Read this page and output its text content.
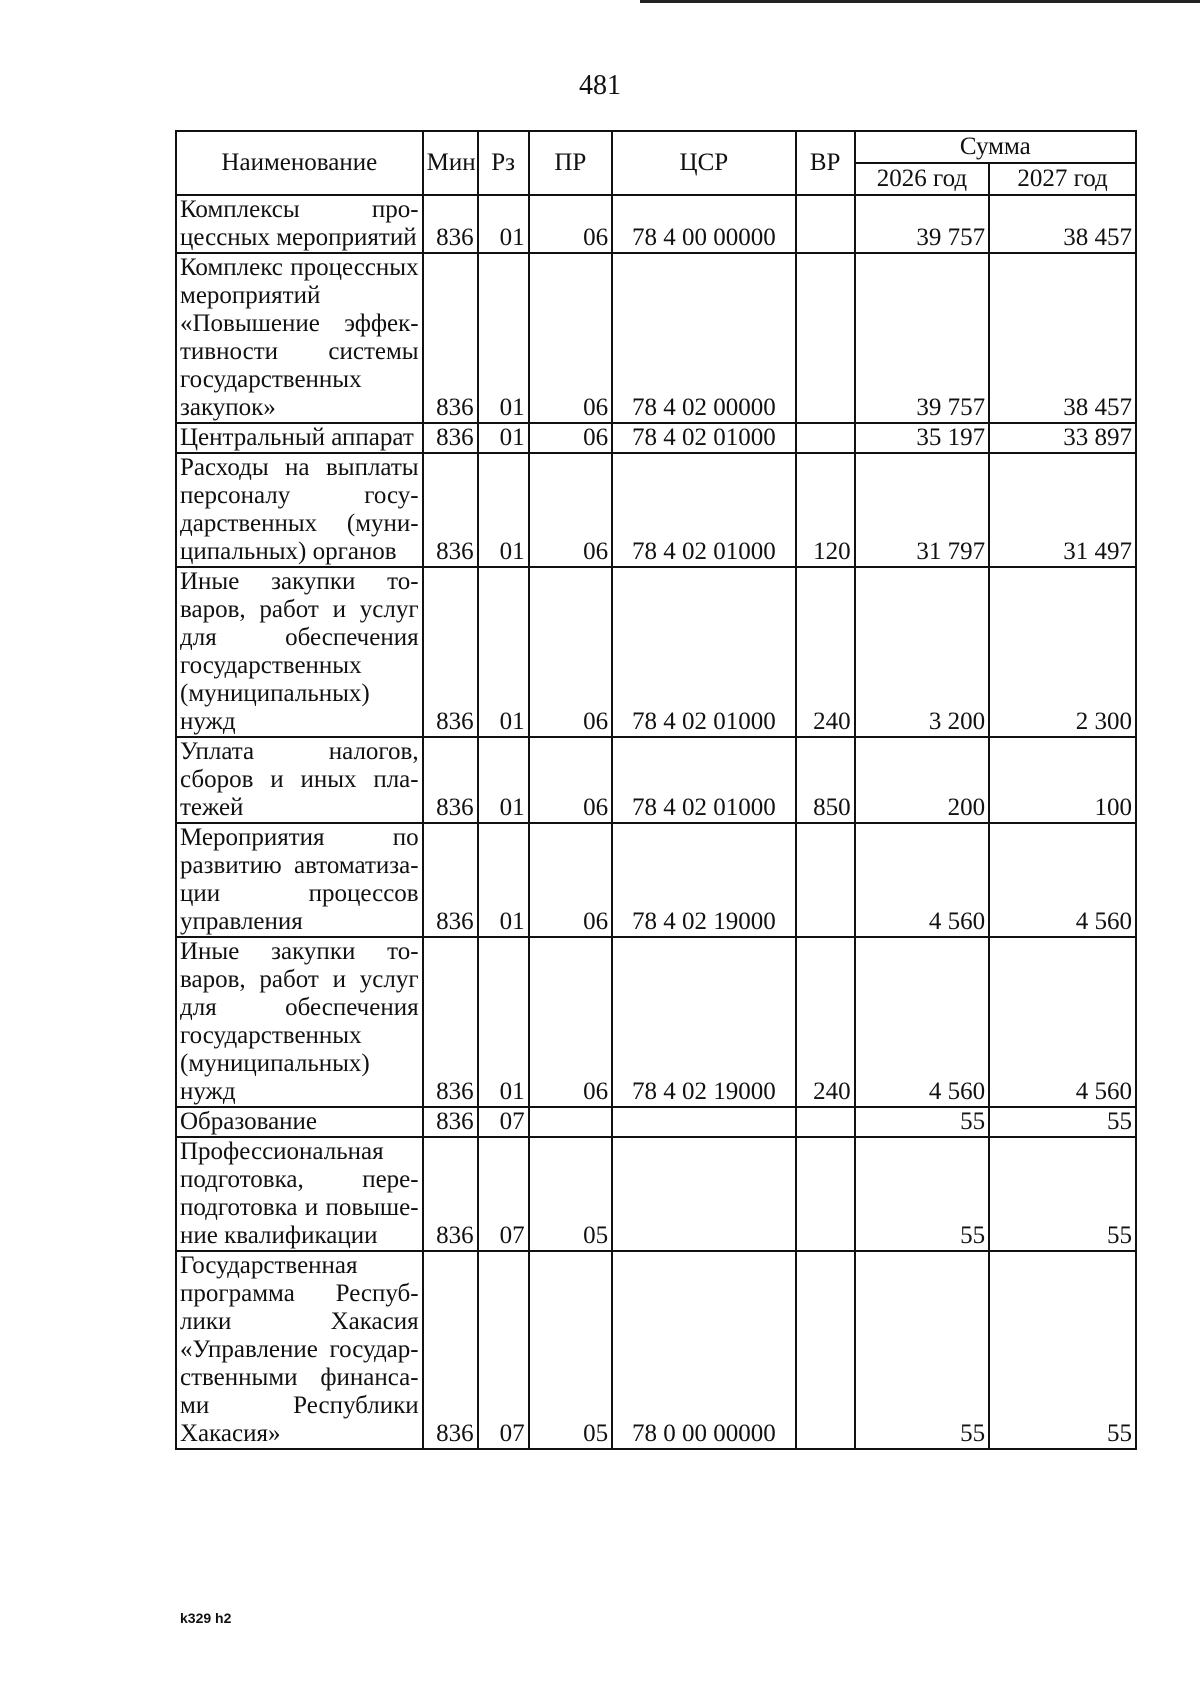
481
Наименование	Мин	Рз	ПР	ЦСР	ВР	Сумма	
						2026 год	2027 год
Комплексы процессных мероприятий	836	01	06	78 4 00 00000		39 757	38 457
Комплекс процессных мероприятий «Повышение эффективности системы государственных закупок»	836	01	06	78 4 02 00000		39 757	38 457
Центральный аппарат	836	01	06	78 4 02 01000		35 197	33 897
Расходы на выплаты персоналу государственных (муниципальных) органов	836	01	06	78 4 02 01000	120	31 797	31 497
Иные закупки товаров, работ и услуг для обеспечения государственных (муниципальных) нужд	836	01	06	78 4 02 01000	240	3 200	2 300
Уплата налогов, сборов и иных платежей	836	01	06	78 4 02 01000	850	200	100
Мероприятия по развитию автоматизации процессов управления	836	01	06	78 4 02 19000		4 560	4 560
Иные закупки товаров, работ и услуг для обеспечения государственных (муниципальных) нужд	836	01	06	78 4 02 19000	240	4 560	4 560
Образование	836	07				55	55
Профессиональная подготовка, переподготовка и повышение квалификации	836	07	05			55	55
Государственная программа Республики Хакасия «Управление государственными финансами Республики Хакасия»	836	07	05	78 0 00 00000		55	55
k329 h2
